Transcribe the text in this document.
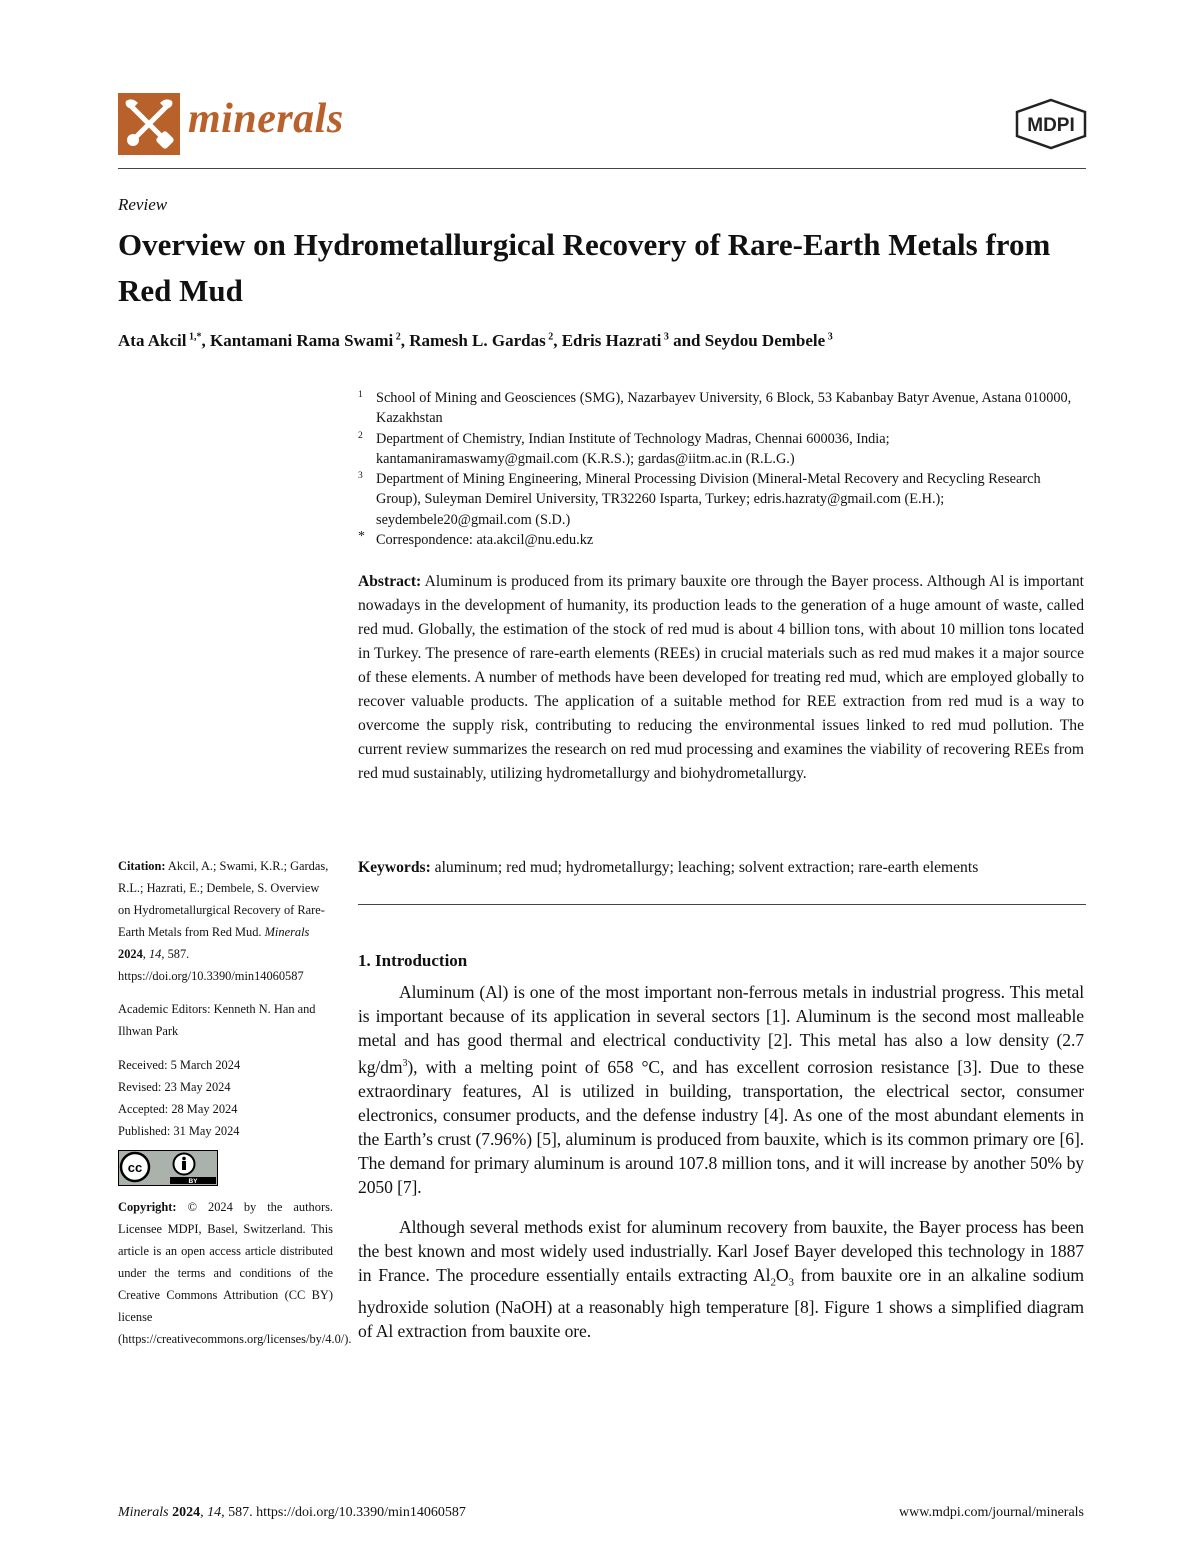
minerals	MDPI
Review
Overview on Hydrometallurgical Recovery of Rare-Earth Metals from Red Mud
Ata Akcil $^{1,*}$, Kantamani Rama Swami $^2$, Ramesh L. Gardas $^2$, Edris Hazrati $^3$ and Seydou Dembele $^3$
1 School of Mining and Geosciences (SMG), Nazarbayev University, 6 Block, 53 Kabanbay Batyr Avenue, Astana 010000, Kazakhstan
2 Department of Chemistry, Indian Institute of Technology Madras, Chennai 600036, India; kantamaniramaswamy@gmail.com (K.R.S.); gardas@iitm.ac.in (R.L.G.)
3 Department of Mining Engineering, Mineral Processing Division (Mineral-Metal Recovery and Recycling Research Group), Suleyman Demirel University, TR32260 Isparta, Turkey; edris.hazraty@gmail.com (E.H.); seydembele20@gmail.com (S.D.)
* Correspondence: ata.akcil@nu.edu.kz

Abstract: Aluminum is produced from its primary bauxite ore through the Bayer process. Although Al is important nowadays in the development of humanity, its production leads to the generation of a huge amount of waste, called red mud. Globally, the estimation of the stock of red mud is about 4 billion tons, with about 10 million tons located in Turkey. The presence of rare-earth elements (REEs) in crucial materials such as red mud makes it a major source of these elements. A number of methods have been developed for treating red mud, which are employed globally to recover valuable products. The application of a suitable method for REE extraction from red mud is a way to overcome the supply risk, contributing to reducing the environmental issues linked to red mud pollution. The current review summarizes the research on red mud processing and examines the viability of recovering REEs from red mud sustainably, utilizing hydrometallurgy and biohydrometallurgy.

Keywords: aluminum; red mud; hydrometallurgy; leaching; solvent extraction; rare-earth elements

1. Introduction

Aluminum (Al) is one of the most important non-ferrous metals in industrial progress. This metal is important because of its application in several sectors [1]. Aluminum is the second most malleable metal and has good thermal and electrical conductivity [2]. This metal has also a low density (2.7 $kg/dm^3$), with a melting point of 658 °C, and has excellent corrosion resistance [3]. Due to these extraordinary features, Al is utilized in building, transportation, the electrical sector, consumer electronics, consumer products, and the defense industry [4]. As one of the most abundant elements in the Earth’s crust (7.96%) [5], aluminum is produced from bauxite, which is its common primary ore [6]. The demand for primary aluminum is around 107.8 million tons, and it will increase by another 50% by 2050 [7].

Although several methods exist for aluminum recovery from bauxite, the Bayer process has been the best known and most widely used industrially. Karl Josef Bayer developed this technology in 1887 in France. The procedure essentially entails extracting $Al_2O_3$ from bauxite ore in an alkaline sodium hydroxide solution (NaOH) at a reasonably high temperature [8]. Figure 1 shows a simplified diagram of Al extraction from bauxite ore.

Citation: Akcil, A.; Swami, K.R.; Gardas, R.L.; Hazrati, E.; Dembele, S. Overview on Hydrometallurgical Recovery of Rare-Earth Metals from Red Mud. Minerals 2024, 14, 587. https://doi.org/10.3390/min14060587

Academic Editors: Kenneth N. Han and Ilhwan Park

Received: 5 March 2024

Revised: 23 May 2024

Accepted: 28 May 2024

Published: 31 May 2024

BY
cc

Copyright: © 2024 by the authors. Licensee MDPI, Basel, Switzerland. This article is an open access article distributed under the terms and conditions of the Creative Commons Attribution (CC BY) license (https://creativecommons.org/licenses/by/4.0/).

Minerals 2024, 14, 587. https://doi.org/10.3390/min14060587	www.mdpi.com/journal/minerals
